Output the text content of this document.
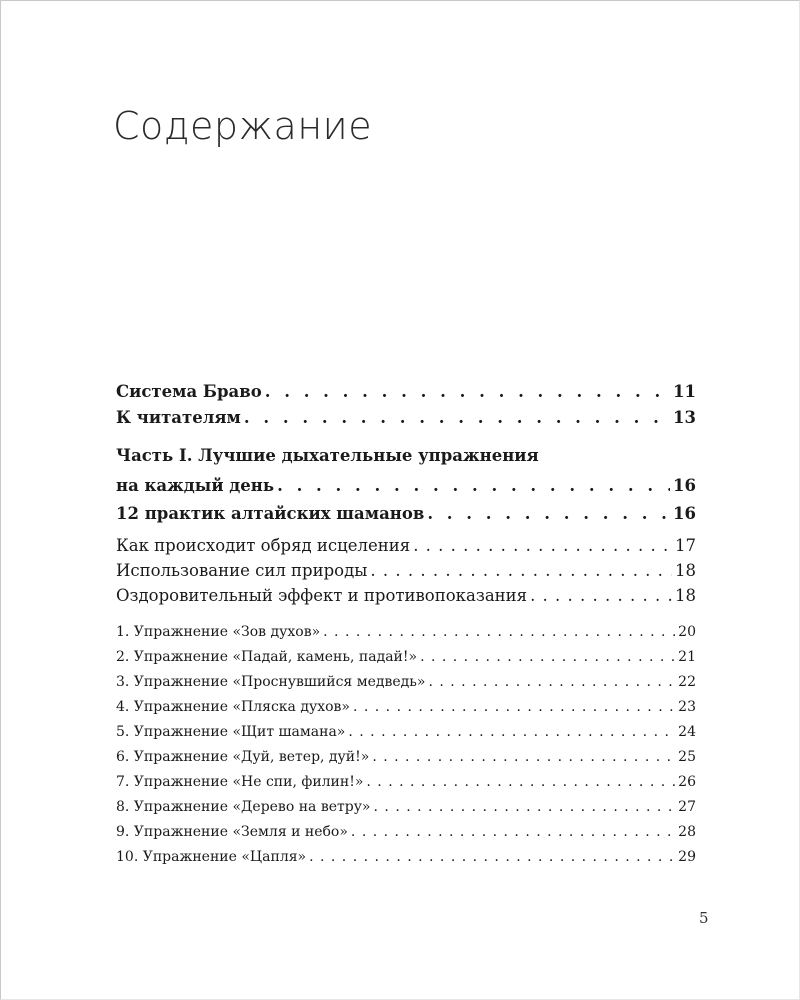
Содержание
Система Браво . . .	11
К читателям . . .	13
Часть I. Лучшие дыхательные упражнения
на каждый день . . .	16
12 практик алтайских шаманов . . .	16
Как происходит обряд исцеления . . .	17
Использование сил природы . . .	18
Оздоровительный эффект и противопоказания . . .	18
1. Упражнение «Зов духов» . . .	20
2. Упражнение «Падай, камень, падай!» . . .	21
3. Упражнение «Проснувшийся медведь» . . .	22
4. Упражнение «Пляска духов» . . .	23
5. Упражнение «Щит шамана» . . .	24
6. Упражнение «Дуй, ветер, дуй!» . . .	25
7. Упражнение «Не спи, филин!» . . .	26
8. Упражнение «Дерево на ветру» . . .	27
9. Упражнение «Земля и небо» . . .	28
10. Упражнение «Цапля» . . .	29
5
